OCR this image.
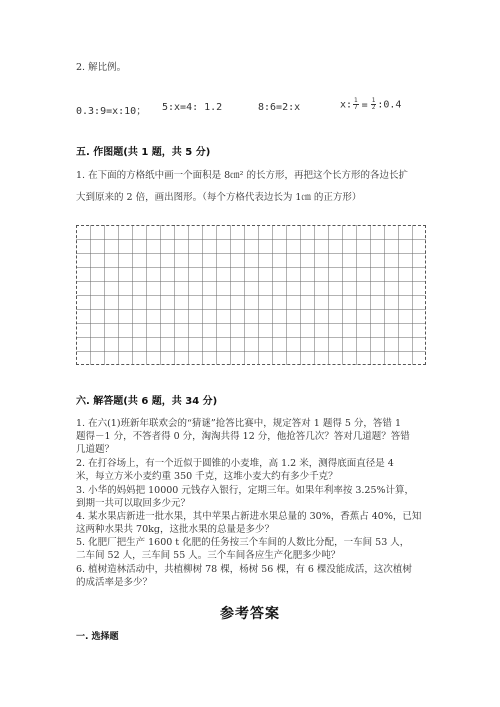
2. 解比例。
0.3:9=x:10； 5:x=4: 1.2	8:6=2:x	x: $\frac{1}{7} = \frac{1}{2}$ :0.4
五. 作图题(共 1 题，共 5 分)
1. 在下面的方格纸中画一个面积是 8㎝² 的长方形，再把这个长方形的各边长扩
大到原来的 2 倍，画出图形。（每个方格代表边长为 1㎝ 的正方形）
六. 解答题(共 6 题，共 34 分)
1. 在六(1)班新年联欢会的“猜谜”抢答比赛中，规定答对 1 题得 5 分，答错 1
题得－1 分，不答者得 0 分，淘淘共得 12 分，他抢答几次？答对几道题？答错
几道题？
2. 在打谷场上，有一个近似于圆锥的小麦堆，高 1.2 米，测得底面直径是 4
米，每立方米小麦约重 350 千克，这堆小麦大约有多少千克？
3. 小华的妈妈把 10000 元钱存入银行，定期三年。如果年利率按 3.25%计算，
到期一共可以取回多少元？
4. 某水果店新进一批水果，其中苹果占新进水果总量的 30%，香蕉占 40%，已知
这两种水果共 70kg，这批水果的总量是多少？
5. 化肥厂把生产 1600 t 化肥的任务按三个车间的人数比分配，一车间 53 人，
二车间 52 人，三车间 55 人。三个车间各应生产化肥多少吨？
6. 植树造林活动中，共植柳树 78 棵，杨树 56 棵，有 6 棵没能成活，这次植树
的成活率是多少？
参考答案
一. 选择题
